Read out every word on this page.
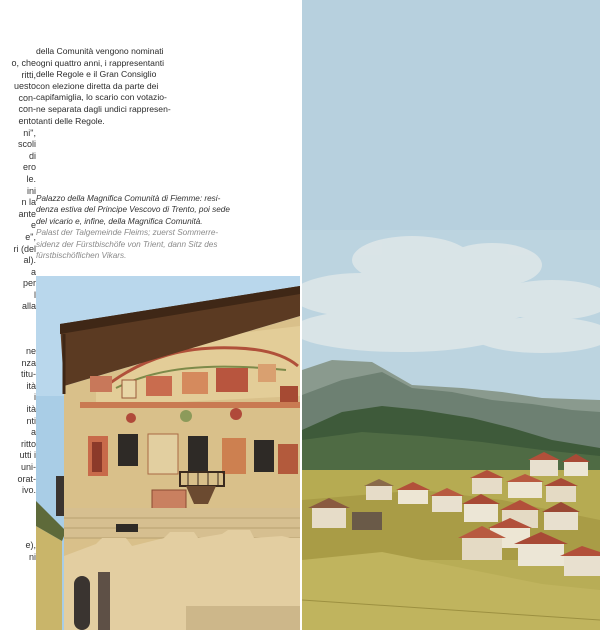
o, che
ritti,
uesto
con-
con-
ento
ni",
scoli
di
ero
le.
ini
n la
ante
e
e",
ri (del
al).
a
per
l
alla
ne
nza
titu-
ità
i
ità
nti
a
ritto
utti i
uni-
orat-
ivo.
e),
ni
della Comunità vengono nominati
ogni quattro anni, i rappresentanti
delle Regole e il Gran Consiglio
con elezione diretta da parte dei
capifamiglia, lo scario con votazio-
ne separata dagli undici rappresen-
tanti delle Regole.
Palazzo della Magnifica Comunità di Fiemme: resi-
denza estiva del Principe Vescovo di Trento, poi sede
del vicario e, infine, della Magnifica Comunità.
Palast der Talgemeinde Fleims; zuerst Sommerre-
sidenz der Fürstbischöfe von Trient, dann Sitz des
fürstbischöflichen Vikars.
